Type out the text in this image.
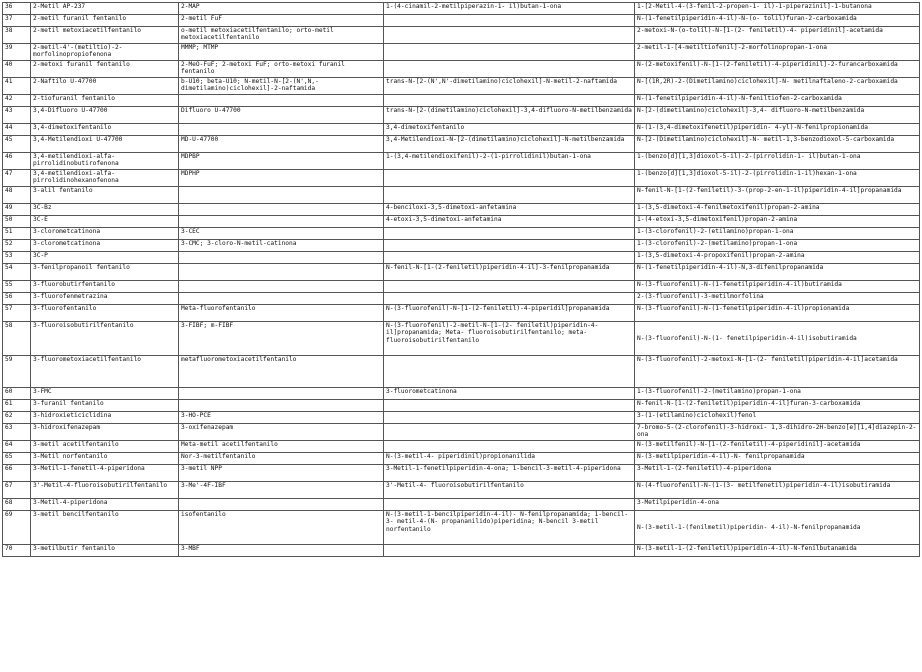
36	2-Metil AP-237	2-MAP	1-(4-cinamil-2-metilpiperazin-1- il)butan-1-ona	1-[2-Metil-4-(3-fenil-2-propen-1- il)-1-piperazinil]-1-butanona
37	2-metil furanil fentanilo	2-metil FuF		N-(1-fenetilpiperidin-4-il)-N-(o- tolil)furan-2-carboxamida
38	2-metil metoxiacetilfentanilo	o-metil metoxiacetilfentanilo; orto-metil metoxiacetilfentanilo		2-metoxi-N-(o-tolil)-N-[1-(2- feniletil)-4- piperidinil]-acetamida
39	2-metil-4'-(metiltio)-2-morfolinopropiofenona	MMMP; MTMP		2-metil-1-[4-metiltiofenil]-2-morfolinopropan-1-ona
40	2-metoxi furanil fentanilo	2-MeO-FuF; 2-metoxi FuF; orto-metoxi furanil fentanilo		N-(2-metoxifenil)-N-[1-(2-feniletil)-4-piperidinil]-2-furancarboxamida
41	2-Naftilo U-47700	b-U10; beta-U10; N-metil-N-[2-(N',N,-dimetilamino)ciclohexil]-2-naftamida	trans-N-[2-(N',N'-dimetilamino)ciclohexil]-N-metil-2-naftamida	N-[(1R,2R)-2-(Dimetilamino)ciclohexil]-N- metilnaftaleno-2-carboxamida
42	2-tiofuranil fentanilo			N-(1-fenetilpiperidin-4-il)-N-feniltiofen-2-carboxamida
43	3,4-Difluoro U-47700	Difluoro U-47700	trans-N-[2-(dimetilamino)ciclohexil]-3,4-difluoro-N-metilbenzamida	N-[2-(dimetilamino)ciclohexil]-3,4- difluoro-N-metilbenzamida
44	3,4-dimetoxifentanilo		3,4-dimetoxifentanilo	N-(1-(3,4-dimetoxifenetil)piperidin- 4-yl)-N-fenilpropionamida
45	3,4-Metilendioxi U-47700	MD-U-47700	3,4-Metilendioxi-N-[2-(dimetilamino)ciclohexil]-N-metilbenzamida	N-[2-(Dimetilamino)ciclohexil]-N- metil-1,3-benzodioxol-5-carboxamida
46	3,4-metilendioxi-alfa-pirrolidinobutirofenona	MDPBP	1-(3,4-metilendioxifenil)-2-(1-pirrolidinil)butan-1-ona	1-(benzo[d][1,3]dioxol-5-il)-2-(pirrolidin-1- il)butan-1-ona
47	3,4-metilendioxi-alfa-pirrolidinohexanofenona	MDPHP		1-(benzo[d][1,3]dioxol-5-il)-2-(pirrolidin-1-il)hexan-1-ona
48	3-alil fentanilo			N-fenil-N-[1-(2-feniletil)-3-(prop-2-en-1-il)piperidin-4-il]propanamida
49	3C-Bz		4-benciloxi-3,5-dimetoxi-anfetamina	1-(3,5-dimetoxi-4-fenilmetoxifenil)propan-2-amina
50	3C-E		4-etoxi-3,5-dimetoxi-anfetamina	1-(4-etoxi-3,5-dimetoxifenil)propan-2-amina
51	3-clorometcatinona	3-CEC		1-(3-clorofenil)-2-(etilamino)propan-1-ona
52	3-clorometcatinona	3-CMC; 3-cloro-N-metil-catinona		1-(3-clorofenil)-2-(metilamino)propan-1-ona
53	3C-P			1-(3,5-dimetoxi-4-propoxifenil)propan-2-amina
54	3-fenilpropanoil fentanilo		N-fenil-N-[1-(2-feniletil)piperidin-4-il]-3-fenilpropanamida	N-(1-fenetilpiperidin-4-il)-N,3-difenilpropanamida
55	3-fluorobutirfentanilo			N-(3-fluorofenil)-N-(1-fenetilpiperidin-4-il)butiramida
56	3-fluorofenmetrazina			2-(3-fluorofenil)-3-metilmorfolina
57	3-fluorofentanilo	Meta-fluorofentanilo	N-(3-fluorofenil)-N-[1-(2-feniletil)-4-piperidil]propanamida	N-(3-fluorofenil)-N-(1-fenetilpiperidin-4-il)propionamida
58	3-fluoroisobutirilfentanilo	3-FIBF; m-FIBF	N-(3-fluorofenil)-2-metil-N-[1-(2- feniletil)piperidin-4-il]propanamida; Meta- fluoroisobutirilfentanilo; meta-fluoroisobutirilfentanilo	N-(3-fluorofenil)-N-(1- fenetilpiperidin-4-il)isobutiramida
59	3-fluorometoxiacetilfentanilo	metafluorometoxiacetilfentanilo		N-(3-fluorofenil)-2-metoxi-N-[1-(2- feniletil)piperidin-4-il]acetamida
60	3-FMC		3-fluorometcatinona	1-(3-fluorofenil)-2-(metilamino)propan-1-ona
61	3-furanil fentanilo			N-fenil-N-[1-(2-feniletil)piperidin-4-il]furan-3-carboxamida
62	3-hidroxieticiclidina	3-HO-PCE		3-(1-(etilamino)ciclohexil)fenol
63	3-hidroxifenazepam	3-oxifenazepam		7-bromo-5-(2-clorofenil)-3-hidroxi- 1,3-dihidro-2H-benzo[e][1,4]diazepin-2-ona
64	3-metil acetilfentanilo	Meta-metil acetilfentanilo		N-(3-metilfenil)-N-[1-(2-feniletil)-4-piperidinil]-acetamida
65	3-Metil norfentanilo	Nor-3-metilfentanilo	N-(3-metil-4- piperidinil)propionanilida	N-(3-metilpiperidin-4-il)-N- fenilpropanamida
66	3-Metil-1-fenetil-4-piperidona	3-metil NPP	3-Metil-1-fenetilpiperidin-4-ona; 1-bencil-3-metil-4-piperidona	3-Metil-1-(2-feniletil)-4-piperidona
67	3'-Metil-4-fluoroisobutirilfentanilo	3-Me'-4F-IBF	3'-Metil-4- fluoroisobutirilfentanilo	N-(4-fluorofenil)-N-(1-(3- metilfenetil)piperidin-4-il)isobutiramida
68	3-Metil-4-piperidona			3-Metilpiperidin-4-ona
69	3-metil bencilfentanilo	isofentanilo	N-(3-metil-1-bencilpiperidin-4-il)- N-fenilpropanamida; 1-bencil-3- metil-4-(N- propananilido)piperidina; N-bencil 3-metil norfentanilo	N-(3-metil-1-(fenilmetil)piperidin- 4-il)-N-fenilpropanamida
70	3-metilbutir fentanilo	3-MBF		N-(3-metil-1-(2-feniletil)piperidin-4-il)-N-fenilbutanamida
